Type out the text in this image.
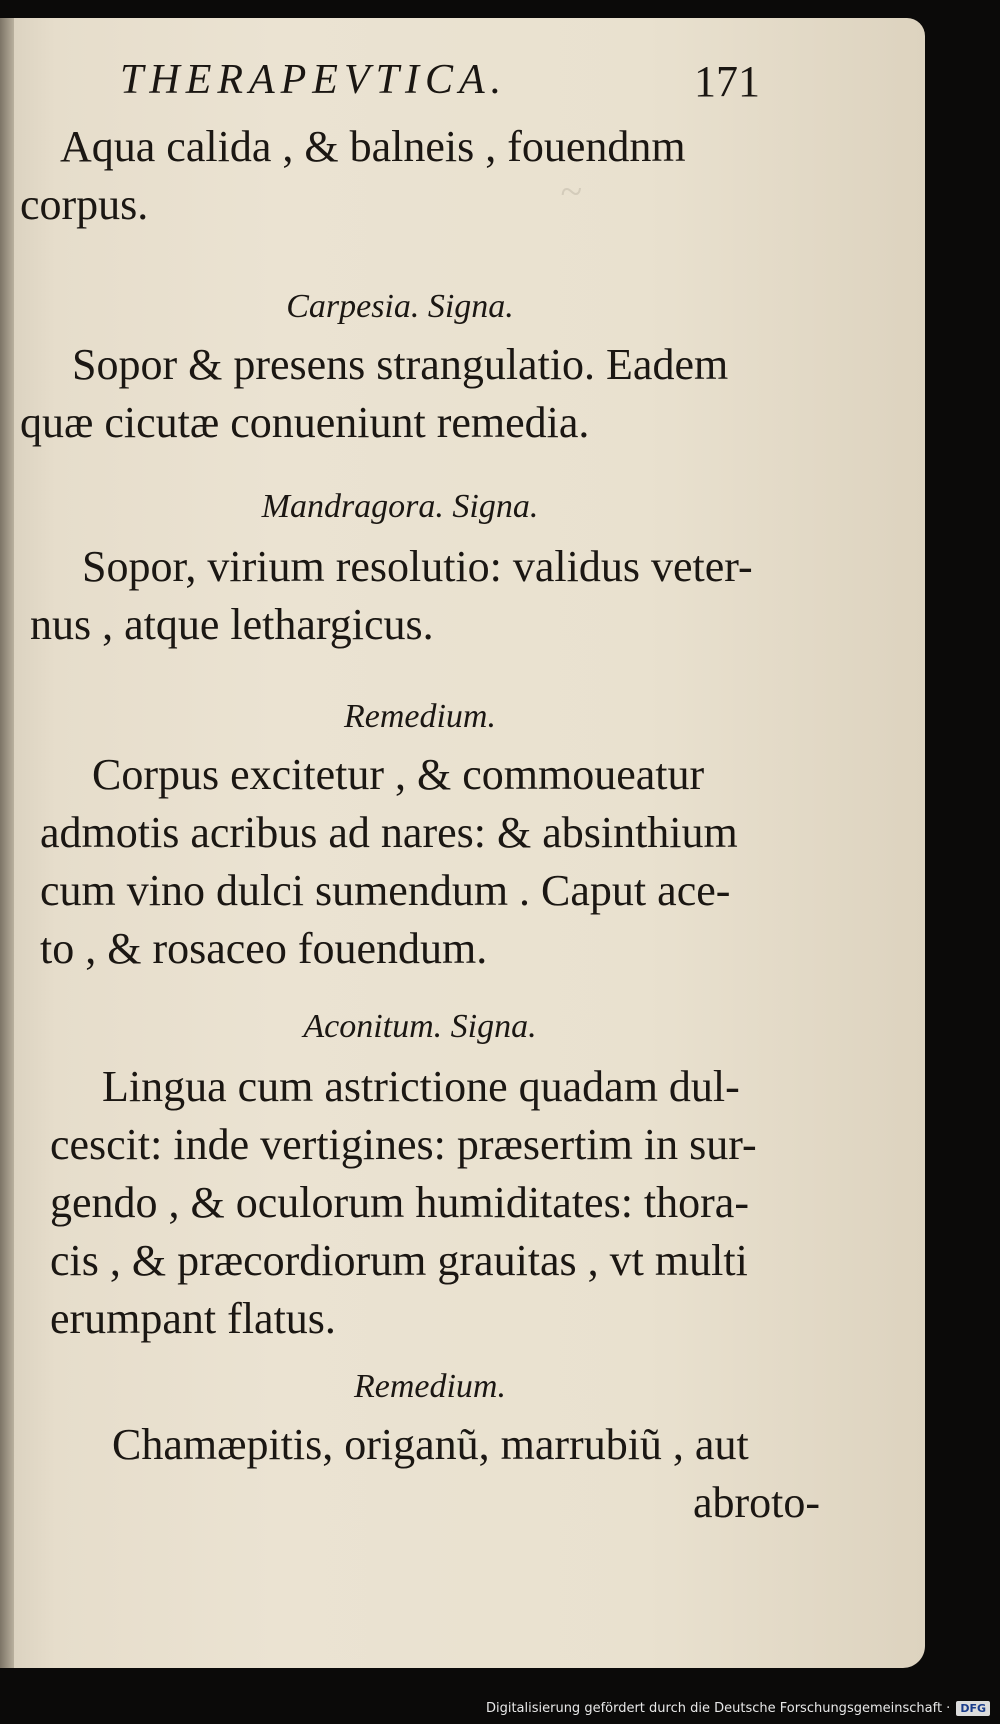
~
THERAPEVTICA.	171
Aqua calida , & balneis , fouendnm
corpus.
Carpesia. Signa.
Sopor & presens strangulatio. Eadem
quæ cicutæ conueniunt remedia.
Mandragora. Signa.
Sopor, virium resolutio: validus veter-
nus , atque lethargicus.
Remedium.
Corpus excitetur , & commoueatur
admotis acribus ad nares: & absinthium
cum vino dulci sumendum . Caput ace-
to , & rosaceo fouendum.
Aconitum. Signa.
Lingua cum astrictione quadam dul-
cescit: inde vertigines: præsertim in sur-
gendo , & oculorum humiditates: thora-
cis , & præcordiorum grauitas , vt multi
erumpant flatus.
Remedium.
Chamæpitis, origanũ, marrubiũ , aut
abroto-
Digitalisierung gefördert durch die Deutsche Forschungsgemeinschaft · DFG
